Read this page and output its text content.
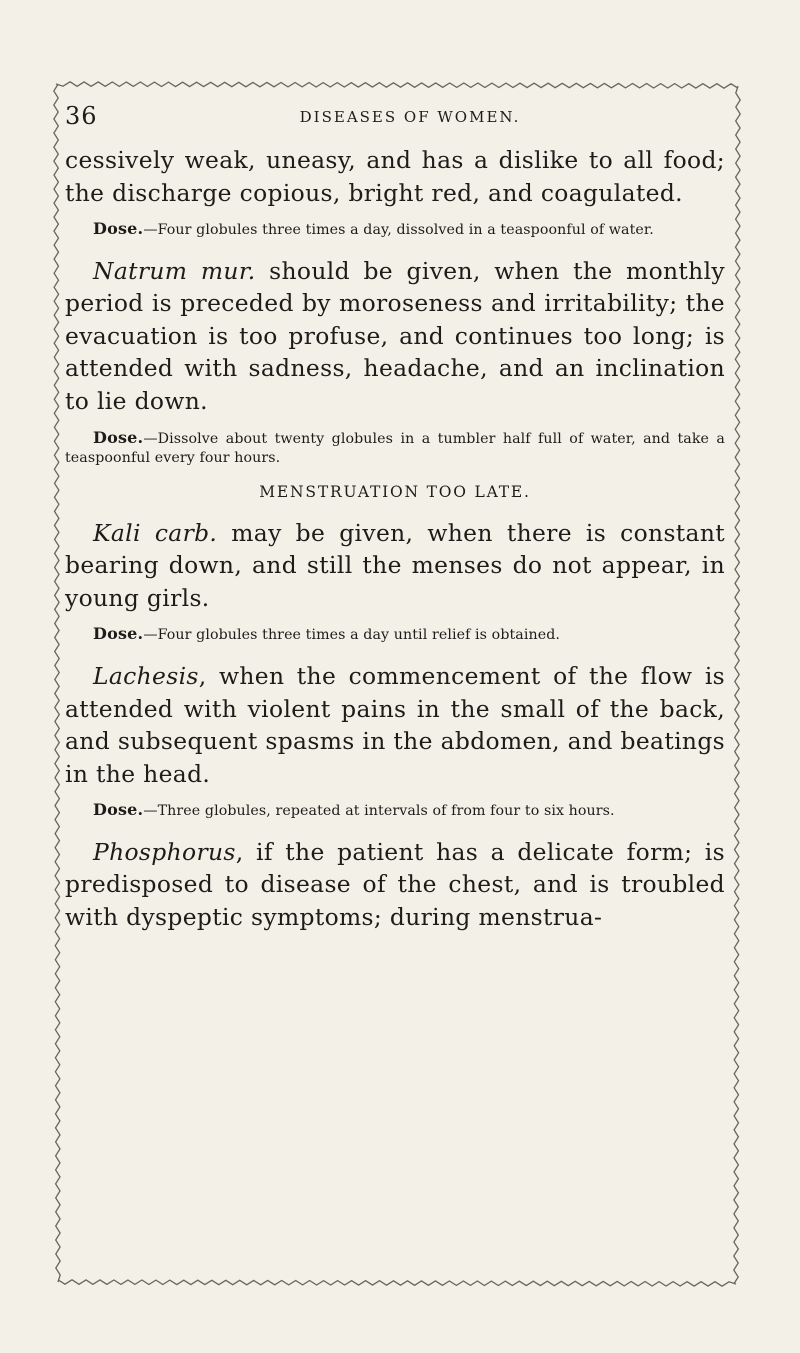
36	DISEASES OF WOMEN.

cessively weak, uneasy, and has a dislike to all food; the discharge copious, bright red, and coagulated.

Dose.—Four globules three times a day, dissolved in a teaspoonful of water.

Natrum mur. should be given, when the monthly period is preceded by moroseness and irritability; the evacuation is too profuse, and continues too long; is attended with sadness, headache, and an inclination to lie down.

Dose.—Dissolve about twenty globules in a tumbler half full of water, and take a teaspoonful every four hours.

MENSTRUATION TOO LATE.

Kali carb. may be given, when there is constant bearing down, and still the menses do not appear, in young girls.

Dose.—Four globules three times a day until relief is obtained.

Lachesis, when the commencement of the flow is attended with violent pains in the small of the back, and subsequent spasms in the abdomen, and beatings in the head.

Dose.—Three globules, repeated at intervals of from four to six hours.

Phosphorus, if the patient has a delicate form; is predisposed to disease of the chest, and is troubled with dyspeptic symptoms; during menstrua-
